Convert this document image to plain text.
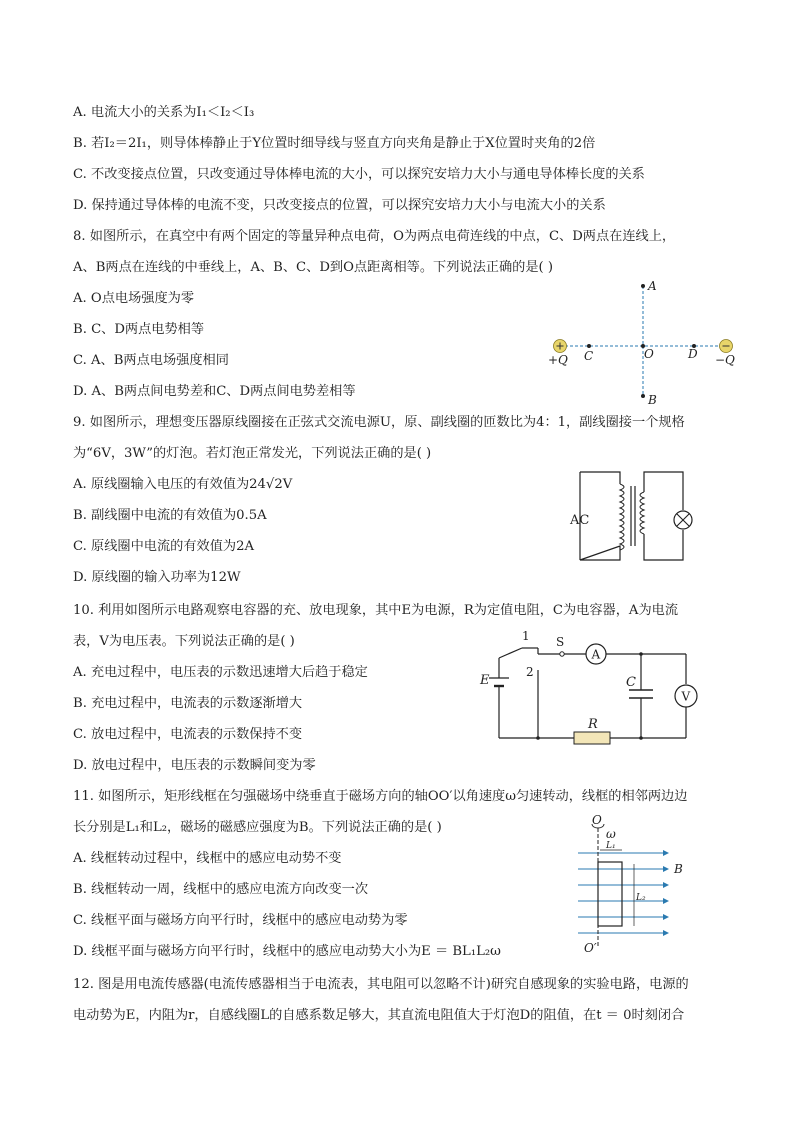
A. 电流大小的关系为I₁＜I₂＜I₃
B. 若I₂＝2I₁，则导体棒静止于Y位置时细导线与竖直方向夹角是静止于X位置时夹角的2倍
C. 不改变接点位置，只改变通过导体棒电流的大小，可以探究安培力大小与通电导体棒长度的关系
D. 保持通过导体棒的电流不变，只改变接点的位置，可以探究安培力大小与电流大小的关系
8. 如图所示，在真空中有两个固定的等量异种点电荷，O为两点电荷连线的中点，C、D两点在连线上，
A、B两点在连线的中垂线上，A、B、C、D到O点距离相等。下列说法正确的是( )
A. O点电场强度为零
B. C、D两点电势相等
C. A、B两点电场强度相同
D. A、B两点间电势差和C、D两点间电势差相等
A
B
C	O	D
+Q	−Q
9. 如图所示，理想变压器原线圈接在正弦式交流电源U，原、副线圈的匝数比为4：1，副线圈接一个规格
为“6V，3W”的灯泡。若灯泡正常发光，下列说法正确的是( )
A. 原线圈输入电压的有效值为24√2V
B. 副线圈中电流的有效值为0.5A
C. 原线圈中电流的有效值为2A
D. 原线圈的输入功率为12W
AC
10. 利用如图所示电路观察电容器的充、放电现象，其中E为电源，R为定值电阻，C为电容器，A为电流
表，V为电压表。下列说法正确的是( )
A. 充电过程中，电压表的示数迅速增大后趋于稳定
B. 充电过程中，电流表的示数逐渐增大
C. 放电过程中，电流表的示数保持不变
D. 放电过程中，电压表的示数瞬间变为零
1
2
S
A
V
E	C
R
11. 如图所示，矩形线框在匀强磁场中绕垂直于磁场方向的轴OO′以角速度ω匀速转动，线框的相邻两边边
长分别是L₁和L₂，磁场的磁感应强度为B。下列说法正确的是( )
A. 线框转动过程中，线框中的感应电动势不变
B. 线框转动一周，线框中的感应电流方向改变一次
C. 线框平面与磁场方向平行时，线框中的感应电动势为零
D. 线框平面与磁场方向平行时，线框中的感应电动势大小为E ＝ BL₁L₂ω
O
ω
L₁
L₂
B
O′
12. 图是用电流传感器(电流传感器相当于电流表，其电阻可以忽略不计)研究自感现象的实验电路，电源的
电动势为E，内阻为r，自感线圈L的自感系数足够大，其直流电阻值大于灯泡D的阻值，在t ＝ 0时刻闭合
